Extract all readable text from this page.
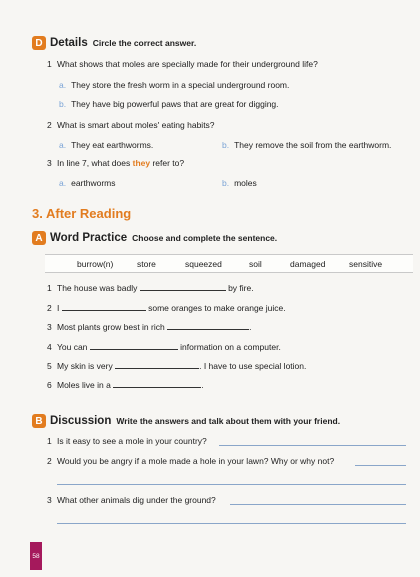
D Details Circle the correct answer.
1 What shows that moles are specially made for their underground life?
a. They store the fresh worm in a special underground room.
b. They have big powerful paws that are great for digging.
2 What is smart about moles' eating habits?
a. They eat earthworms.	b. They remove the soil from the earthworm.
3 In line 7, what does they refer to?
a. earthworms	b. moles
3. After Reading
A Word Practice Choose and complete the sentence.
burrow(n)	store	squeezed	soil	damaged	sensitive
1 The house was badly	by fire.
2 I	some oranges to make orange juice.
3 Most plants grow best in rich	.
4 You can	information on a computer.
5 My skin is very	. I have to use special lotion.
6 Moles live in a	.
B Discussion Write the answers and talk about them with your friend.
1 Is it easy to see a mole in your country?
2 Would you be angry if a mole made a hole in your lawn? Why or why not?
3 What other animals dig under the ground?
58
